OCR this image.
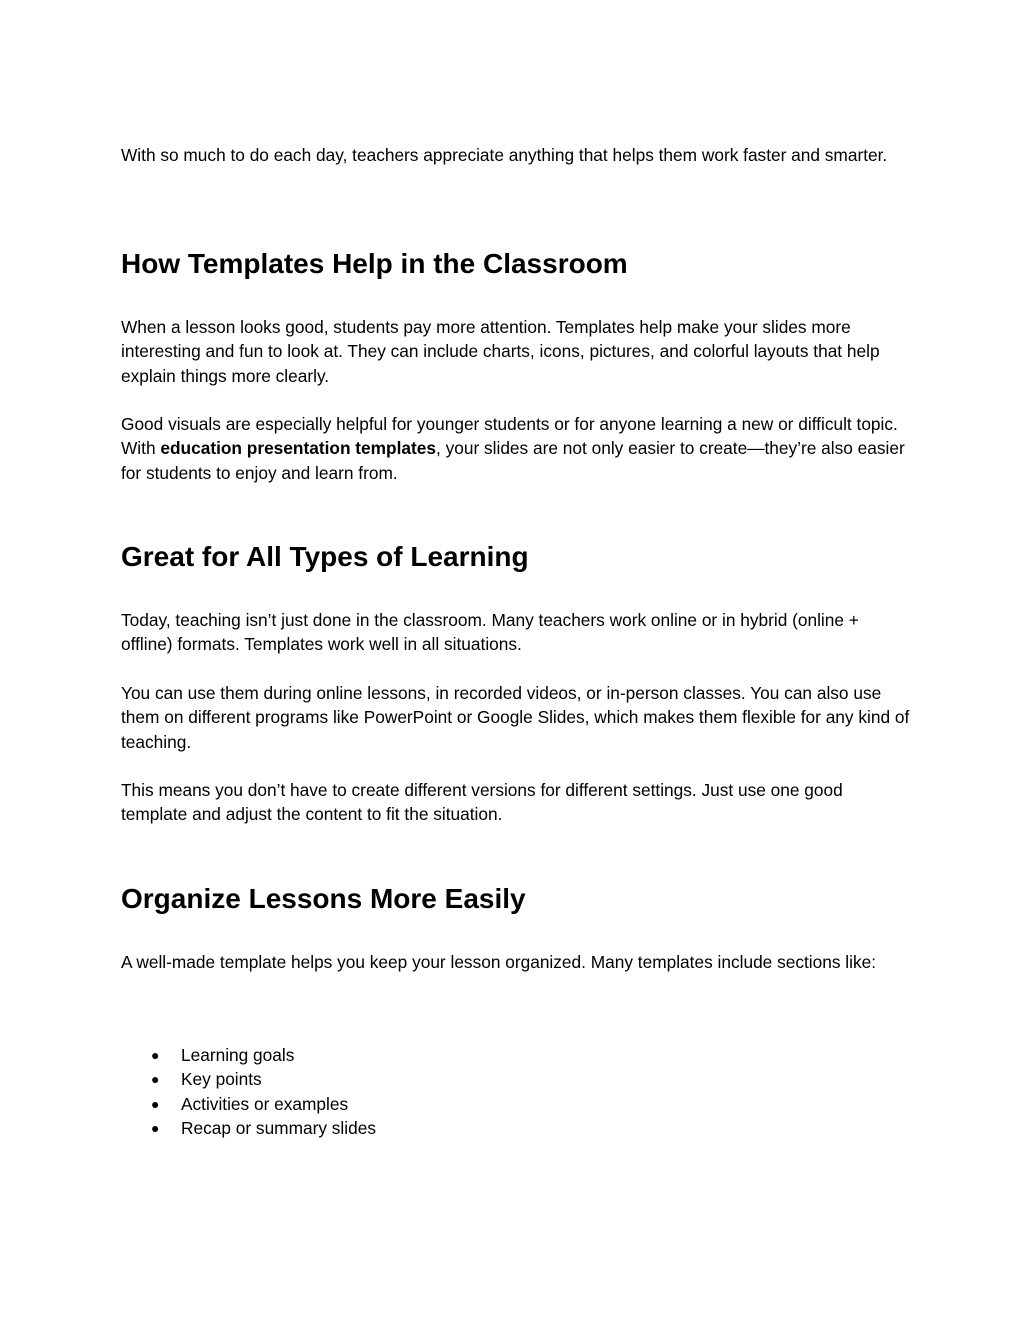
With so much to do each day, teachers appreciate anything that helps them work faster and smarter.

How Templates Help in the Classroom

When a lesson looks good, students pay more attention. Templates help make your slides more interesting and fun to look at. They can include charts, icons, pictures, and colorful layouts that help explain things more clearly.

Good visuals are especially helpful for younger students or for anyone learning a new or difficult topic. With education presentation templates, your slides are not only easier to create—they’re also easier for students to enjoy and learn from.

Great for All Types of Learning

Today, teaching isn’t just done in the classroom. Many teachers work online or in hybrid (online + offline) formats. Templates work well in all situations.

You can use them during online lessons, in recorded videos, or in-person classes. You can also use them on different programs like PowerPoint or Google Slides, which makes them flexible for any kind of teaching.

This means you don’t have to create different versions for different settings. Just use one good template and adjust the content to fit the situation.

Organize Lessons More Easily

A well-made template helps you keep your lesson organized. Many templates include sections like:

● Learning goals
● Key points
● Activities or examples
● Recap or summary slides
